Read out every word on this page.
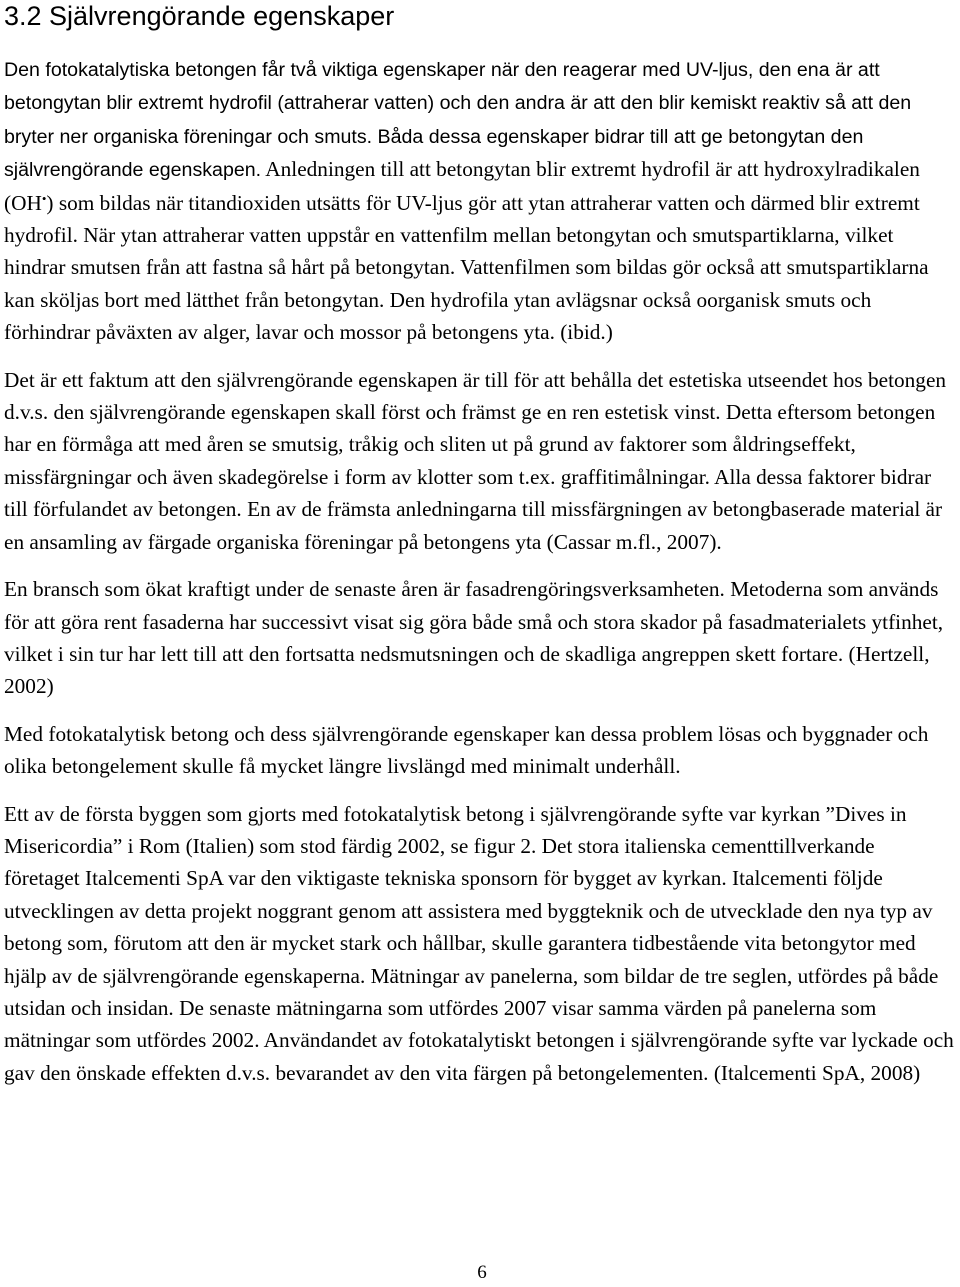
3.2 Självrengörande egenskaper

Den fotokatalytiska betongen får två viktiga egenskaper när den reagerar med UV-ljus, den ena är att betongytan blir extremt hydrofil (attraherar vatten) och den andra är att den blir kemiskt reaktiv så att den bryter ner organiska föreningar och smuts. Båda dessa egenskaper bidrar till att ge betongytan den självrengörande egenskapen. Anledningen till att betongytan blir extremt hydrofil är att hydroxylradikalen (OH•) som bildas när titandioxiden utsätts för UV-ljus gör att ytan attraherar vatten och därmed blir extremt hydrofil. När ytan attraherar vatten uppstår en vattenfilm mellan betongytan och smutspartiklarna, vilket hindrar smutsen från att fastna så hårt på betongytan. Vattenfilmen som bildas gör också att smutspartiklarna kan sköljas bort med lätthet från betongytan. Den hydrofila ytan avlägsnar också oorganisk smuts och förhindrar påväxten av alger, lavar och mossor på betongens yta. (ibid.)

Det är ett faktum att den självrengörande egenskapen är till för att behålla det estetiska utseendet hos betongen d.v.s. den självrengörande egenskapen skall först och främst ge en ren estetisk vinst. Detta eftersom betongen har en förmåga att med åren se smutsig, tråkig och sliten ut på grund av faktorer som åldringseffekt, missfärgningar och även skadegörelse i form av klotter som t.ex. graffitimålningar. Alla dessa faktorer bidrar till förfulandet av betongen. En av de främsta anledningarna till missfärgningen av betongbaserade material är en ansamling av färgade organiska föreningar på betongens yta (Cassar m.fl., 2007).

En bransch som ökat kraftigt under de senaste åren är fasadrengöringsverksamheten. Metoderna som används för att göra rent fasaderna har successivt visat sig göra både små och stora skador på fasadmaterialets ytfinhet, vilket i sin tur har lett till att den fortsatta nedsmutsningen och de skadliga angreppen skett fortare. (Hertzell, 2002)

Med fotokatalytisk betong och dess självrengörande egenskaper kan dessa problem lösas och byggnader och olika betongelement skulle få mycket längre livslängd med minimalt underhåll.

Ett av de första byggen som gjorts med fotokatalytisk betong i självrengörande syfte var kyrkan ”Dives in Misericordia” i Rom (Italien) som stod färdig 2002, se figur 2. Det stora italienska cementtillverkande företaget Italcementi SpA var den viktigaste tekniska sponsorn för bygget av kyrkan. Italcementi följde utvecklingen av detta projekt noggrant genom att assistera med byggteknik och de utvecklade den nya typ av betong som, förutom att den är mycket stark och hållbar, skulle garantera tidbestående vita betongytor med hjälp av de självrengörande egenskaperna. Mätningar av panelerna, som bildar de tre seglen, utfördes på både utsidan och insidan. De senaste mätningarna som utfördes 2007 visar samma värden på panelerna som mätningar som utfördes 2002. Användandet av fotokatalytiskt betongen i självrengörande syfte var lyckade och gav den önskade effekten d.v.s. bevarandet av den vita färgen på betongelementen. (Italcementi SpA, 2008)

6
